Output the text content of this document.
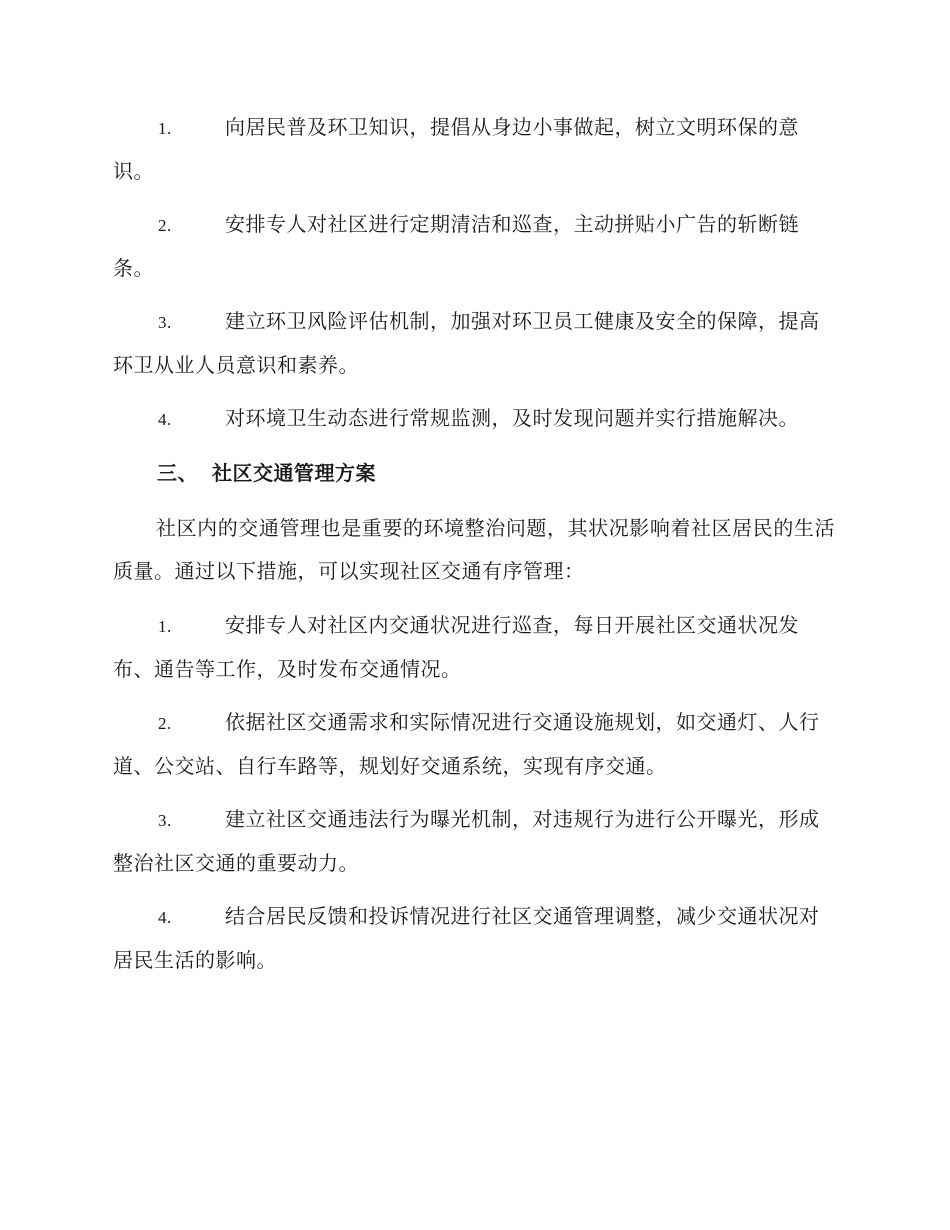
1.	向居民普及环卫知识，提倡从身边小事做起，树立文明环保的意识。
2.	安排专人对社区进行定期清洁和巡查，主动拼贴小广告的斩断链条。
3.	建立环卫风险评估机制，加强对环卫员工健康及安全的保障，提高环卫从业人员意识和素养。
4.	对环境卫生动态进行常规监测，及时发现问题并实行措施解决。
三、 社区交通管理方案
社区内的交通管理也是重要的环境整治问题，其状况影响着社区居民的生活质量。通过以下措施，可以实现社区交通有序管理：
1.	安排专人对社区内交通状况进行巡查，每日开展社区交通状况发布、通告等工作，及时发布交通情况。
2.	依据社区交通需求和实际情况进行交通设施规划，如交通灯、人行道、公交站、自行车路等，规划好交通系统，实现有序交通。
3.	建立社区交通违法行为曝光机制，对违规行为进行公开曝光，形成整治社区交通的重要动力。
4.	结合居民反馈和投诉情况进行社区交通管理调整，减少交通状况对居民生活的影响。
